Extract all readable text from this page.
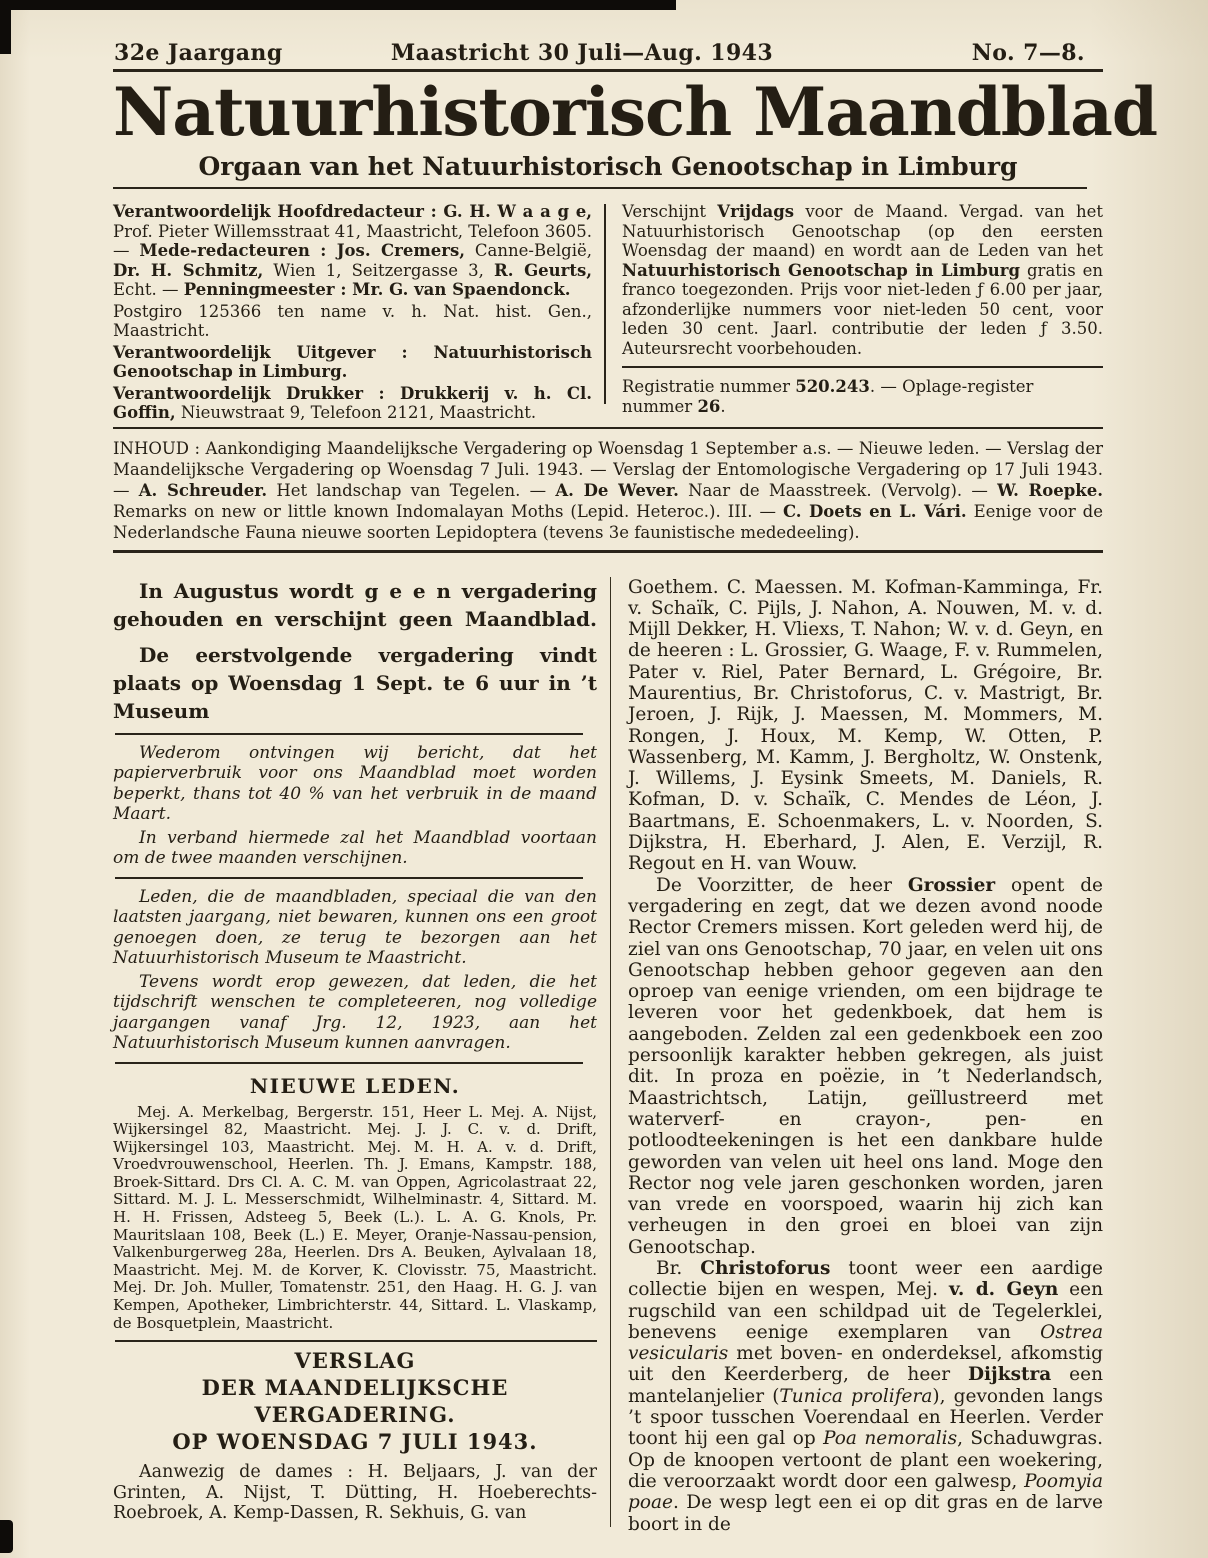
32e Jaargang	Maastricht 30 Juli—Aug. 1943	No. 7—8.
Natuurhistorisch Maandblad
Orgaan van het Natuurhistorisch Genootschap in Limburg

Verantwoordelijk Hoofdredacteur : G. H. W a a g e, Prof. Pieter Willemsstraat 41, Maastricht, Telefoon 3605. — Mede-redacteuren : Jos. Cremers, Canne-België, Dr. H. Schmitz, Wien 1, Seitzergasse 3, R. Geurts, Echt. — Penningmeester : Mr. G. van Spaendonck.

Postgiro 125366 ten name v. h. Nat. hist. Gen., Maastricht.

Verantwoordelijk Uitgever : Natuurhistorisch Genootschap in Limburg.

Verantwoordelijk Drukker : Drukkerij v. h. Cl. Goffin, Nieuwstraat 9, Telefoon 2121, Maastricht.

Verschijnt Vrijdags voor de Maand. Vergad. van het Natuurhistorisch Genootschap (op den eersten Woensdag der maand) en wordt aan de Leden van het Natuurhistorisch Genootschap in Limburg gratis en franco toegezonden. Prijs voor niet-leden ƒ 6.00 per jaar, afzonderlijke nummers voor niet-leden 50 cent, voor leden 30 cent. Jaarl. contributie der leden ƒ 3.50. Auteursrecht voorbehouden.

Registratie nummer 520.243. — Oplage-register nummer 26.

INHOUD : Aankondiging Maandelijksche Vergadering op Woensdag 1 September a.s. — Nieuwe leden. — Verslag der Maandelijksche Vergadering op Woensdag 7 Juli. 1943. — Verslag der Entomologische Vergadering op 17 Juli 1943. — A. Schreuder. Het landschap van Tegelen. — A. De Wever. Naar de Maasstreek. (Vervolg). — W. Roepke. Remarks on new or little known Indomalayan Moths (Lepid. Heteroc.). III. — C. Doets en L. Vári. Eenige voor de Nederlandsche Fauna nieuwe soorten Lepidoptera (tevens 3e faunistische mededeeling).

In Augustus wordt g e e n vergadering gehouden en verschijnt geen Maandblad.

De eerstvolgende vergadering vindt plaats op Woensdag 1 Sept. te 6 uur in ’t Museum

Wederom ontvingen wij bericht, dat het papierverbruik voor ons Maandblad moet worden beperkt, thans tot 40 % van het verbruik in de maand Maart.

In verband hiermede zal het Maandblad voortaan om de twee maanden verschijnen.

Leden, die de maandbladen, speciaal die van den laatsten jaargang, niet bewaren, kunnen ons een groot genoegen doen, ze terug te bezorgen aan het Natuurhistorisch Museum te Maastricht.

Tevens wordt erop gewezen, dat leden, die het tijdschrift wenschen te completeeren, nog volledige jaargangen vanaf Jrg. 12, 1923, aan het Natuurhistorisch Museum kunnen aanvragen.

NIEUWE LEDEN.

Mej. A. Merkelbag, Bergerstr. 151, Heer L. Mej. A. Nijst, Wijkersingel 82, Maastricht. Mej. J. J. C. v. d. Drift, Wijkersingel 103, Maastricht. Mej. M. H. A. v. d. Drift, Vroedvrouwenschool, Heerlen. Th. J. Emans, Kampstr. 188, Broek-Sittard. Drs Cl. A. C. M. van Oppen, Agricolastraat 22, Sittard. M. J. L. Messerschmidt, Wilhelminastr. 4, Sittard. M. H. H. Frissen, Adsteeg 5, Beek (L.). L. A. G. Knols, Pr. Mauritslaan 108, Beek (L.) E. Meyer, Oranje-Nassau-pension, Valkenburgerweg 28a, Heerlen. Drs A. Beuken, Aylvalaan 18, Maastricht. Mej. M. de Korver, K. Clovisstr. 75, Maastricht. Mej. Dr. Joh. Muller, Tomatenstr. 251, den Haag. H. G. J. van Kempen, Apotheker, Limbrichterstr. 44, Sittard. L. Vlaskamp, de Bosquetplein, Maastricht.

VERSLAG
DER MAANDELIJKSCHE VERGADERING.
OP WOENSDAG 7 JULI 1943.

Aanwezig de dames : H. Beljaars, J. van der Grinten, A. Nijst, T. Dütting, H. Hoeberechts-Roebroek, A. Kemp-Dassen, R. Sekhuis, G. van

Goethem. C. Maessen. M. Kofman-Kamminga, Fr. v. Schaïk, C. Pijls, J. Nahon, A. Nouwen, M. v. d. Mijll Dekker, H. Vliexs, T. Nahon; W. v. d. Geyn, en de heeren : L. Grossier, G. Waage, F. v. Rummelen, Pater v. Riel, Pater Bernard, L. Grégoire, Br. Maurentius, Br. Christoforus, C. v. Mastrigt, Br. Jeroen, J. Rijk, J. Maessen, M. Mommers, M. Rongen, J. Houx, M. Kemp, W. Otten, P. Wassenberg, M. Kamm, J. Bergholtz, W. Onstenk, J. Willems, J. Eysink Smeets, M. Daniels, R. Kofman, D. v. Schaïk, C. Mendes de Léon, J. Baartmans, E. Schoenmakers, L. v. Noorden, S. Dijkstra, H. Eberhard, J. Alen, E. Verzijl, R. Regout en H. van Wouw.

De Voorzitter, de heer Grossier opent de vergadering en zegt, dat we dezen avond noode Rector Cremers missen. Kort geleden werd hij, de ziel van ons Genootschap, 70 jaar, en velen uit ons Genootschap hebben gehoor gegeven aan den oproep van eenige vrienden, om een bijdrage te leveren voor het gedenkboek, dat hem is aangeboden. Zelden zal een gedenkboek een zoo persoonlijk karakter hebben gekregen, als juist dit. In proza en poëzie, in ’t Nederlandsch, Maastrichtsch, Latijn, geïllustreerd met waterverf- en crayon-, pen- en potloodteekeningen is het een dankbare hulde geworden van velen uit heel ons land. Moge den Rector nog vele jaren geschonken worden, jaren van vrede en voorspoed, waarin hij zich kan verheugen in den groei en bloei van zijn Genootschap.

Br. Christoforus toont weer een aardige collectie bijen en wespen, Mej. v. d. Geyn een rugschild van een schildpad uit de Tegelerklei, benevens eenige exemplaren van Ostrea vesicularis met boven- en onderdeksel, afkomstig uit den Keerderberg, de heer Dijkstra een mantelanjelier (Tunica prolifera), gevonden langs ’t spoor tusschen Voerendaal en Heerlen. Verder toont hij een gal op Poa nemoralis, Schaduwgras. Op de knoopen vertoont de plant een woekering, die veroorzaakt wordt door een galwesp, Poomyia poae. De wesp legt een ei op dit gras en de larve boort in de
